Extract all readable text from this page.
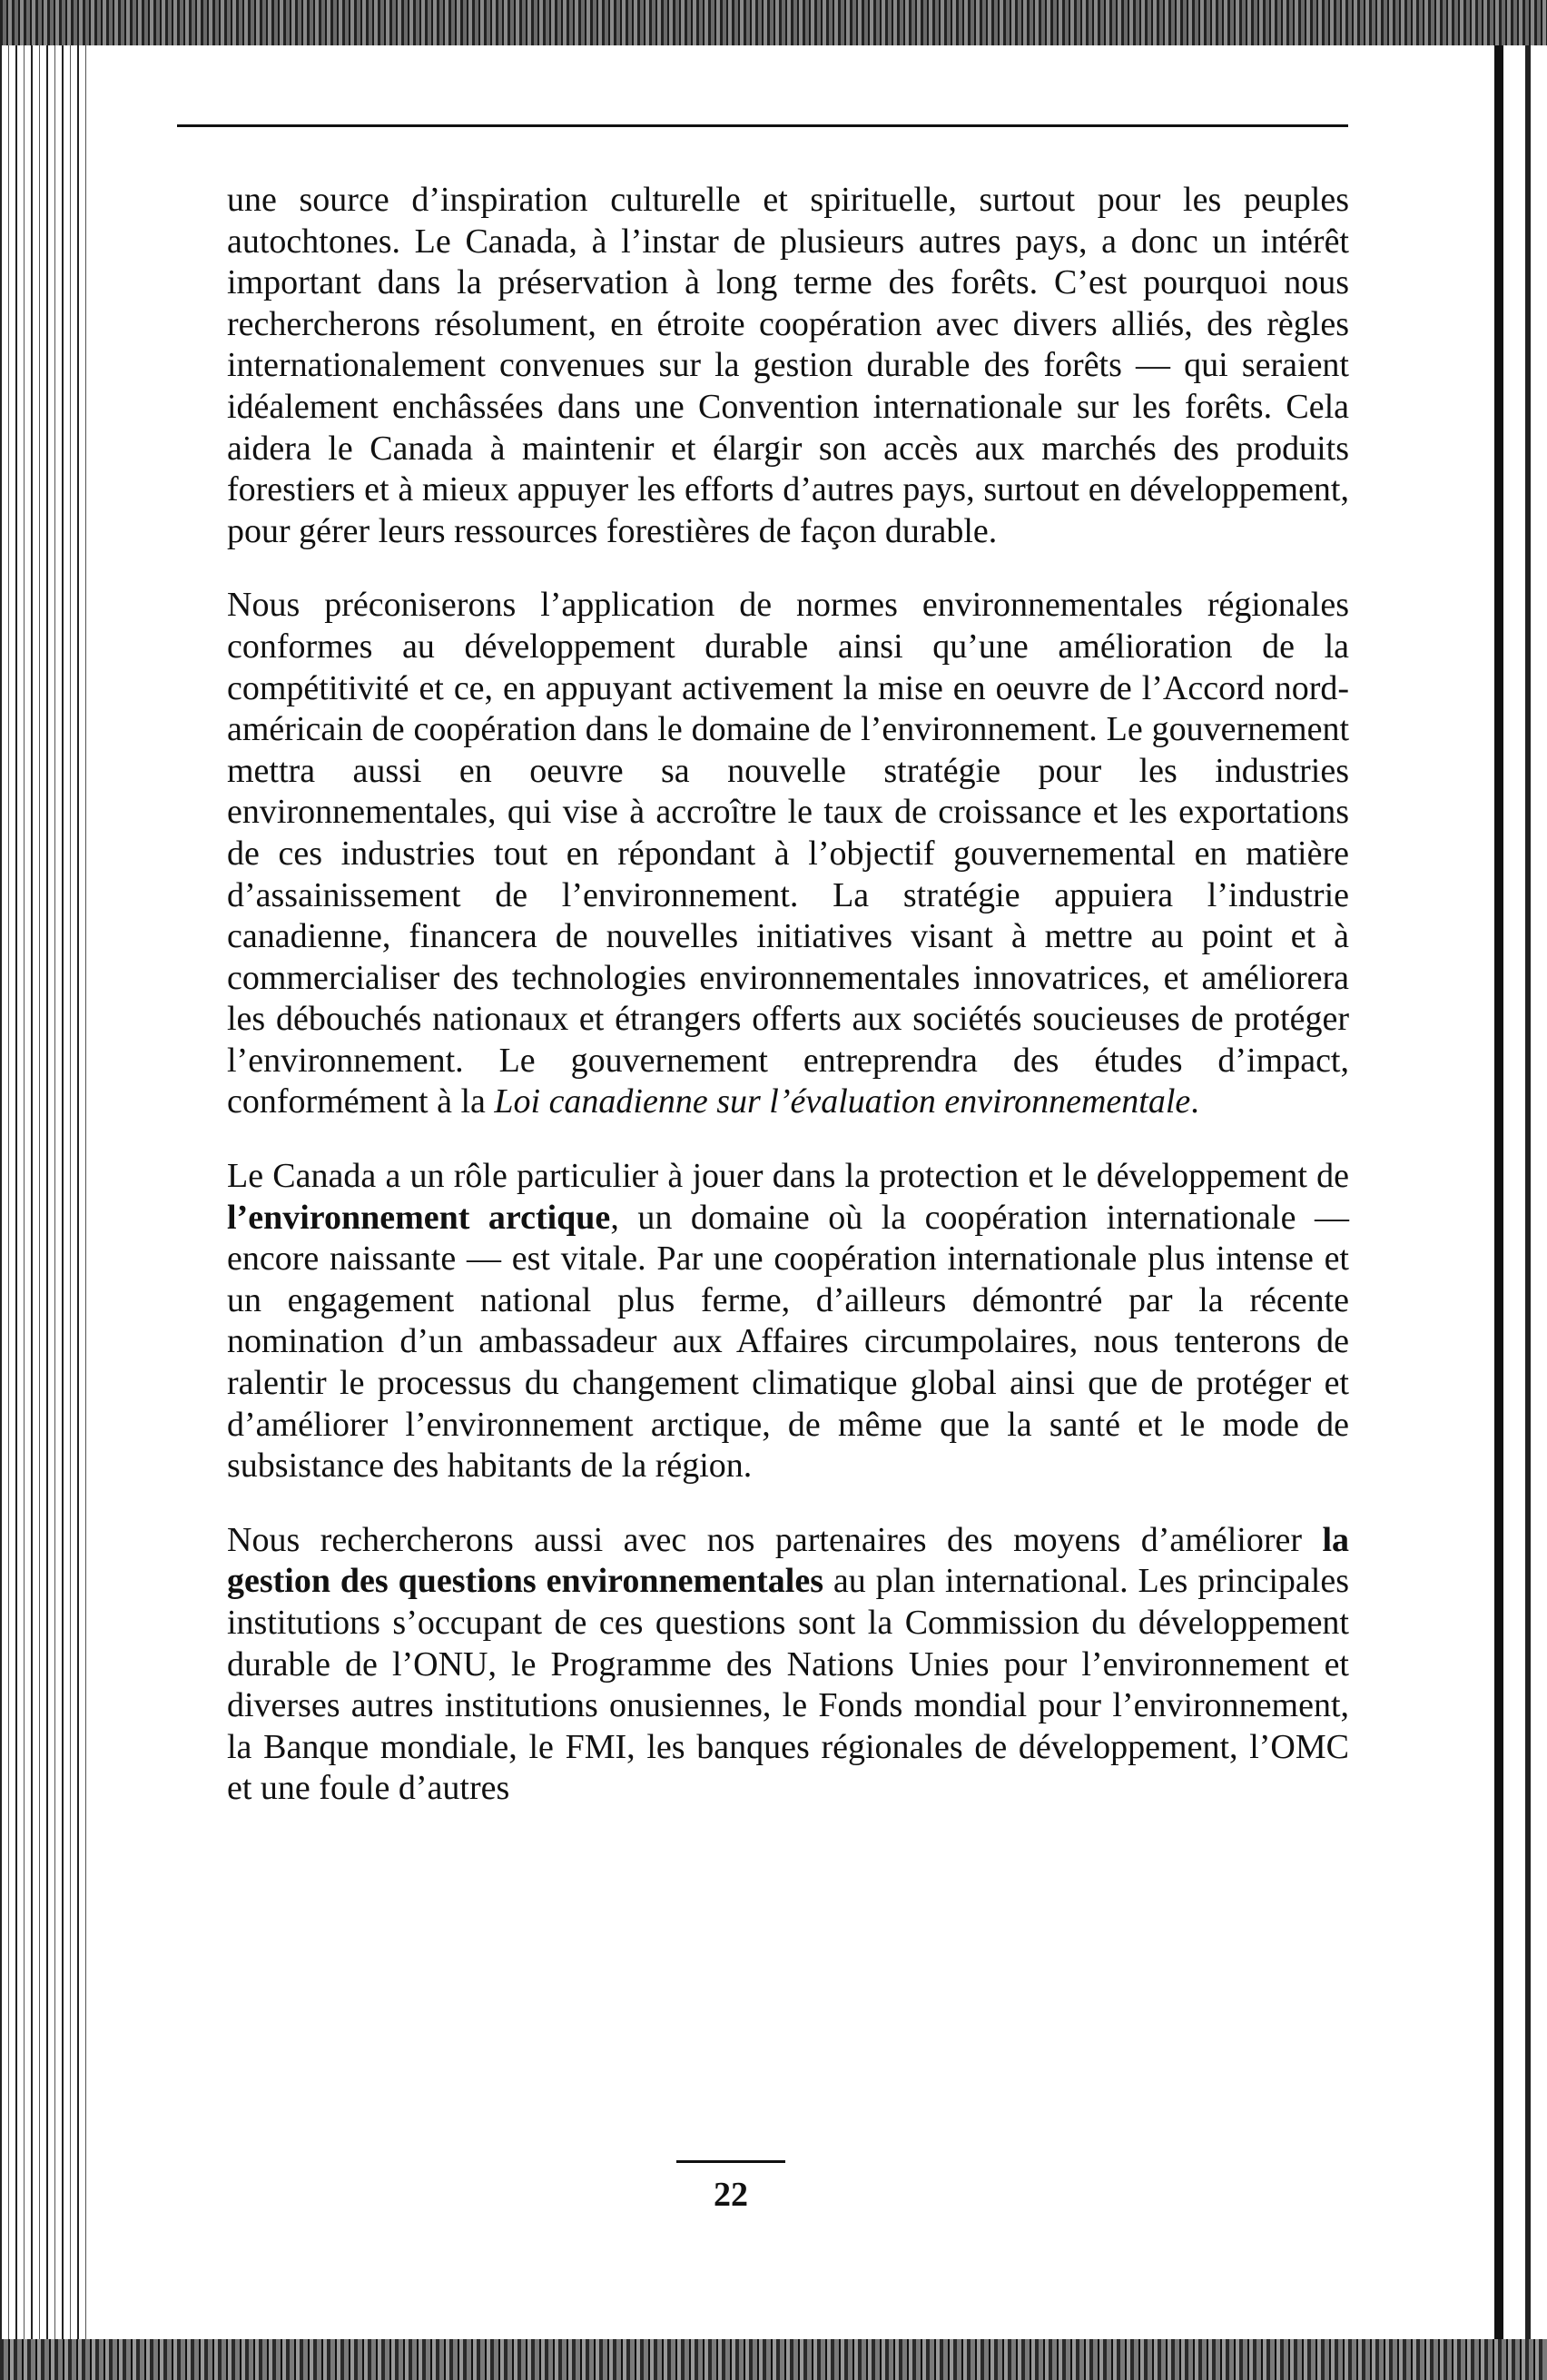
une source d’inspiration culturelle et spirituelle, surtout pour les peuples autochtones. Le Canada, à l’instar de plusieurs autres pays, a donc un intérêt important dans la préservation à long terme des forêts. C’est pourquoi nous rechercherons résolument, en étroite coopération avec divers alliés, des règles internationalement convenues sur la gestion durable des forêts — qui seraient idéalement enchâssées dans une Convention internationale sur les forêts. Cela aidera le Canada à maintenir et élargir son accès aux marchés des produits forestiers et à mieux appuyer les efforts d’autres pays, surtout en développement, pour gérer leurs ressources forestières de façon durable.

Nous préconiserons l’application de normes environnementales régionales conformes au développement durable ainsi qu’une amélioration de la compétitivité et ce, en appuyant activement la mise en oeuvre de l’Accord nord-américain de coopération dans le domaine de l’environnement. Le gouvernement mettra aussi en oeuvre sa nouvelle stratégie pour les industries environnementales, qui vise à accroître le taux de croissance et les exportations de ces industries tout en répondant à l’objectif gouvernemental en matière d’assainissement de l’environnement. La stratégie appuiera l’industrie canadienne, financera de nouvelles initiatives visant à mettre au point et à commercialiser des technologies environnementales innovatrices, et améliorera les débouchés nationaux et étrangers offerts aux sociétés soucieuses de protéger l’environnement. Le gouvernement entreprendra des études d’impact, conformément à la Loi canadienne sur l’évaluation environnementale.

Le Canada a un rôle particulier à jouer dans la protection et le développement de l’environnement arctique, un domaine où la coopération internationale — encore naissante — est vitale. Par une coopération internationale plus intense et un engagement national plus ferme, d’ailleurs démontré par la récente nomination d’un ambassadeur aux Affaires circumpolaires, nous tenterons de ralentir le processus du changement climatique global ainsi que de protéger et d’améliorer l’environnement arctique, de même que la santé et le mode de subsistance des habitants de la région.

Nous rechercherons aussi avec nos partenaires des moyens d’améliorer la gestion des questions environnementales au plan international. Les principales institutions s’occupant de ces questions sont la Commission du développement durable de l’ONU, le Programme des Nations Unies pour l’environnement et diverses autres institutions onusiennes, le Fonds mondial pour l’environnement, la Banque mondiale, le FMI, les banques régionales de développement, l’OMC et une foule d’autres

22
